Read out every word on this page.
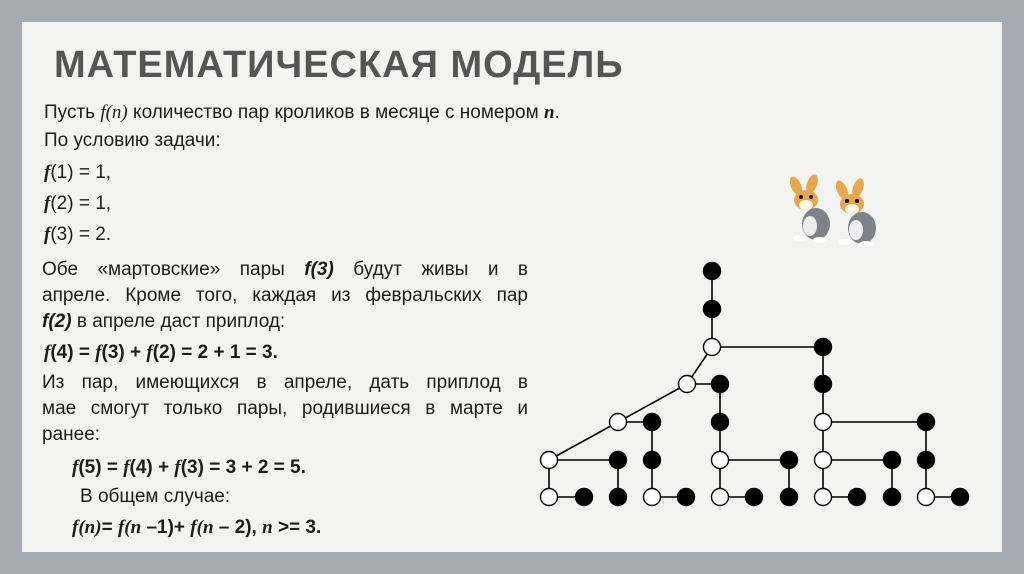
МАТЕМАТИЧЕСКАЯ МОДЕЛЬ
Пусть f(n) количество пар кроликов в месяце с номером n.
По условию задачи:
f(1) = 1,
f(2) = 1,
f(3) = 2.
Обе «мартовские» пары f(3) будут живы и в
апреле. Кроме того, каждая из февральских пар
f(2) в апреле даст приплод:
f(4) = f(3) + f(2) = 2 + 1 = 3.
Из пар, имеющихся в апреле, дать приплод в
мае смогут только пары, родившиеся в марте и
ранее:
f(5) = f(4) + f(3) = 3 + 2 = 5.
В общем случае:
f(n)= f(n –1)+ f(n – 2), n >= 3.
